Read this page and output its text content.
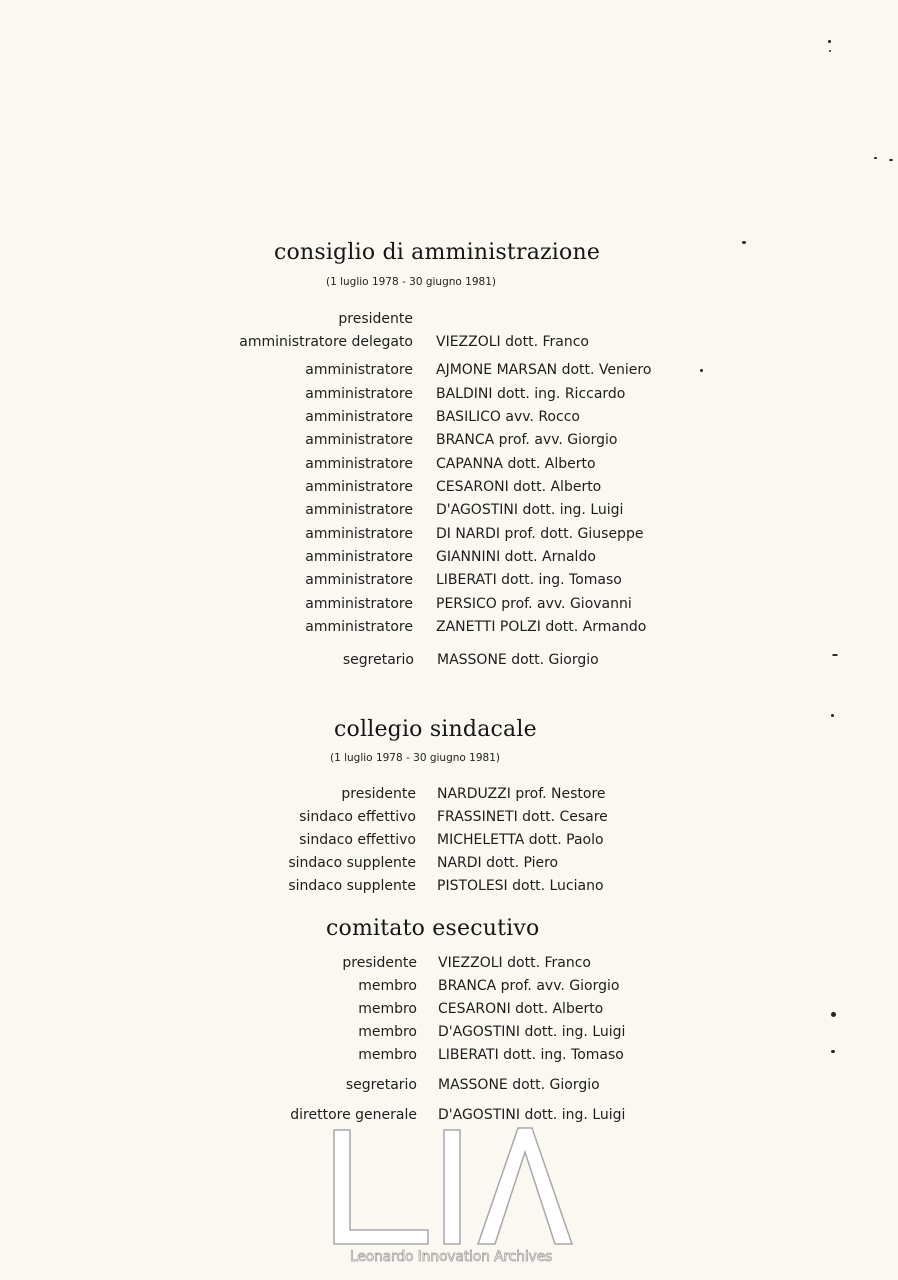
consiglio di amministrazione
(1 luglio 1978 - 30 giugno 1981)
presidente
amministratore delegato VIEZZOLI dott. Franco
amministratore AJMONE MARSAN dott. Veniero
amministratore BALDINI dott. ing. Riccardo
amministratore BASILICO avv. Rocco
amministratore BRANCA prof. avv. Giorgio
amministratore CAPANNA dott. Alberto
amministratore CESARONI dott. Alberto
amministratore D'AGOSTINI dott. ing. Luigi
amministratore DI NARDI prof. dott. Giuseppe
amministratore GIANNINI dott. Arnaldo
amministratore LIBERATI dott. ing. Tomaso
amministratore PERSICO prof. avv. Giovanni
amministratore ZANETTI POLZI dott. Armando
segretario MASSONE dott. Giorgio
collegio sindacale
(1 luglio 1978 - 30 giugno 1981)
presidente NARDUZZI prof. Nestore
sindaco effettivo FRASSINETI dott. Cesare
sindaco effettivo MICHELETTA dott. Paolo
sindaco supplente NARDI dott. Piero
sindaco supplente PISTOLESI dott. Luciano
comitato esecutivo
presidente VIEZZOLI dott. Franco
membro BRANCA prof. avv. Giorgio
membro CESARONI dott. Alberto
membro D'AGOSTINI dott. ing. Luigi
membro LIBERATI dott. ing. Tomaso
segretario MASSONE dott. Giorgio
direttore generale D'AGOSTINI dott. ing. Luigi
Leonardo Innovation Archives
